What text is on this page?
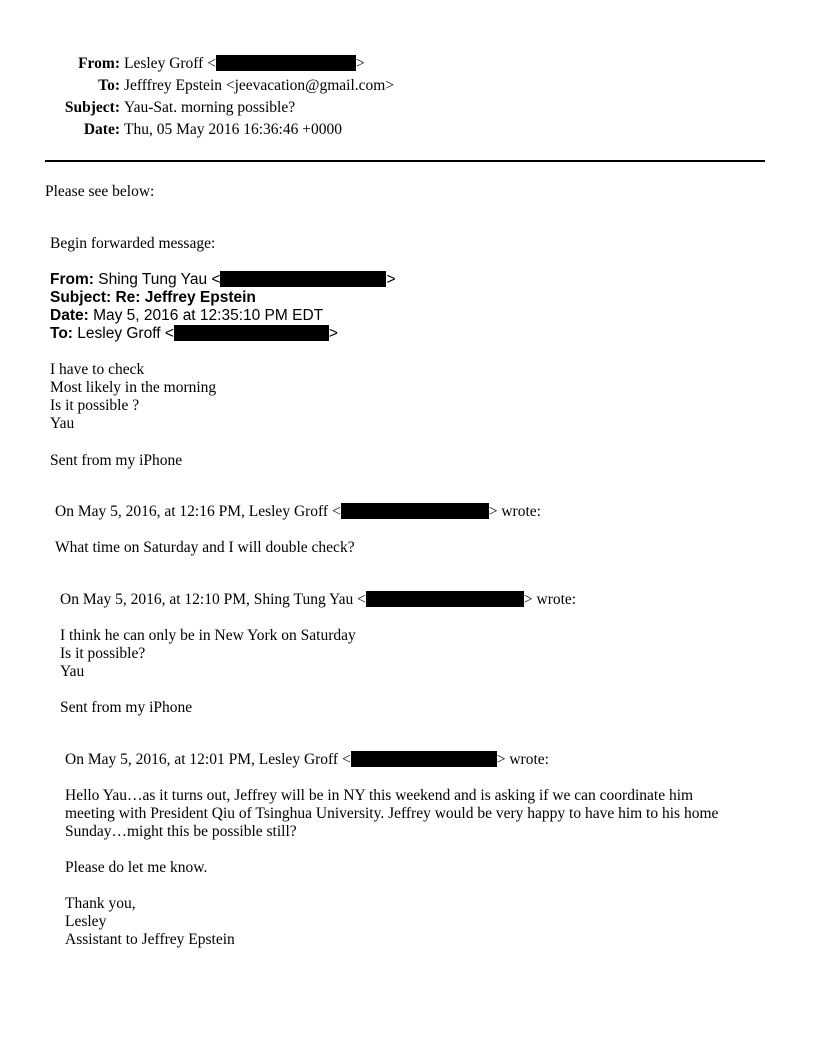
From: Lesley Groff <	>
To: Jefffrey Epstein <jeevacation@gmail.com>
Subject: Yau-Sat. morning possible?
Date: Thu, 05 May 2016 16:36:46 +0000
Please see below:
Begin forwarded message:
From: Shing Tung Yau <	>
Subject: Re: Jeffrey Epstein
Date: May 5, 2016 at 12:35:10 PM EDT
To: Lesley Groff <	>
I have to check
Most likely in the morning
Is it possible ?
Yau
Sent from my iPhone
On May 5, 2016, at 12:16 PM, Lesley Groff <	> wrote:
What time on Saturday and I will double check?
On May 5, 2016, at 12:10 PM, Shing Tung Yau <	> wrote:
I think he can only be in New York on Saturday
Is it possible?
Yau
Sent from my iPhone
On May 5, 2016, at 12:01 PM, Lesley Groff <	> wrote:
Hello Yau…as it turns out, Jeffrey will be in NY this weekend and is asking if we can coordinate him
meeting with President Qiu of Tsinghua University. Jeffrey would be very happy to have him to his home
Sunday…might this be possible still?
Please do let me know.
Thank you,
Lesley
Assistant to Jeffrey Epstein
